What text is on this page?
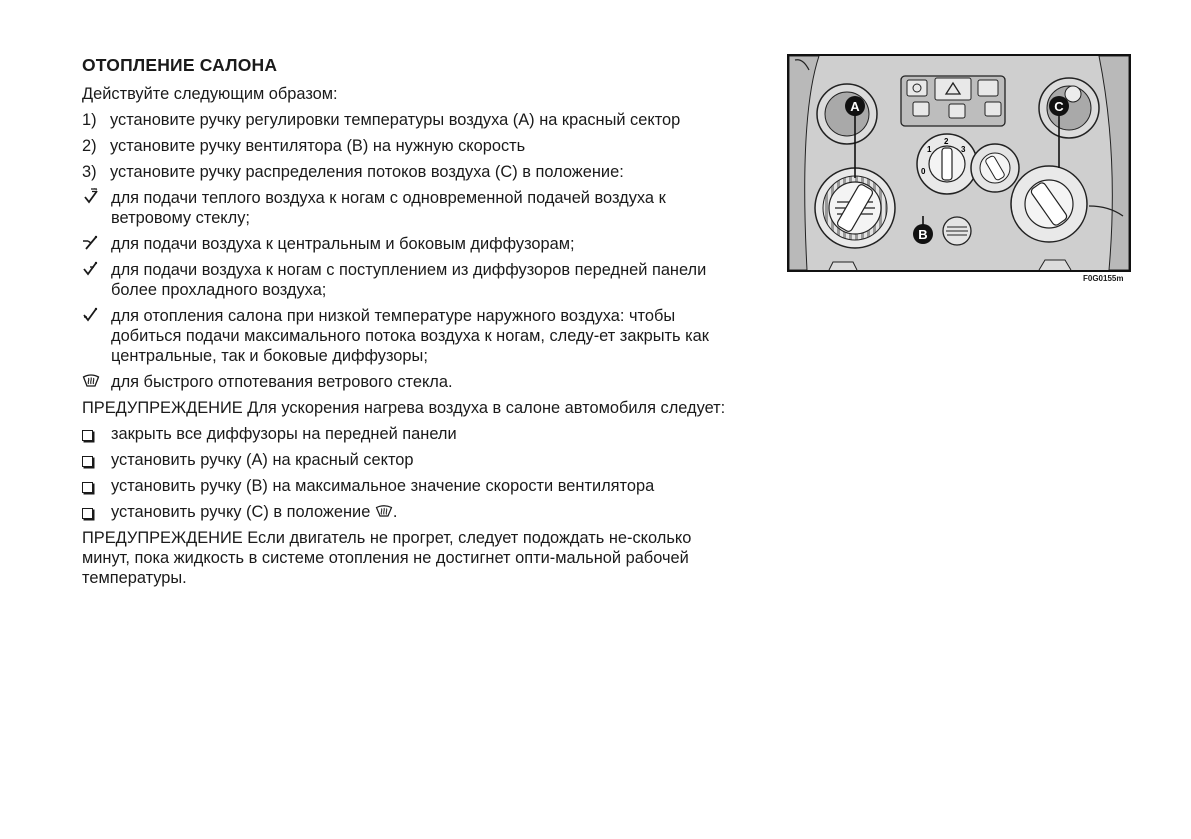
ОТОПЛЕНИЕ САЛОНА

Действуйте следующим образом:

1) установите ручку регулировки температуры воздуха (А) на красный сектор
2) установите ручку вентилятора (В) на нужную скорость
3) установите ручку распределения потоков воздуха (С) в положение:
для подачи теплого воздуха к ногам с одновременной подачей воздуха к ветровому стеклу;
для подачи воздуха к центральным и боковым диффузорам;
для подачи воздуха к ногам с поступлением из диффузоров передней панели более прохладного воздуха;
для отопления салона при низкой температуре наружного воздуха: чтобы добиться подачи максимального потока воздуха к ногам, следу-ет закрыть как центральные, так и боковые диффузоры;
для быстрого отпотевания ветрового стекла.

ПРЕДУПРЕЖДЕНИЕ Для ускорения нагрева воздуха в салоне автомобиля следует:

закрыть все диффузоры на передней панели
установить ручку (А) на красный сектор
установить ручку (В) на максимальное значение скорости вентилятора
установить ручку (С) в положение .

ПРЕДУПРЕЖДЕНИЕ Если двигатель не прогрет, следует подождать не-сколько минут, пока жидкость в системе отопления не достигнет опти-мальной рабочей температуры.

0
1
2
3
A	C
B
F0G0155m
